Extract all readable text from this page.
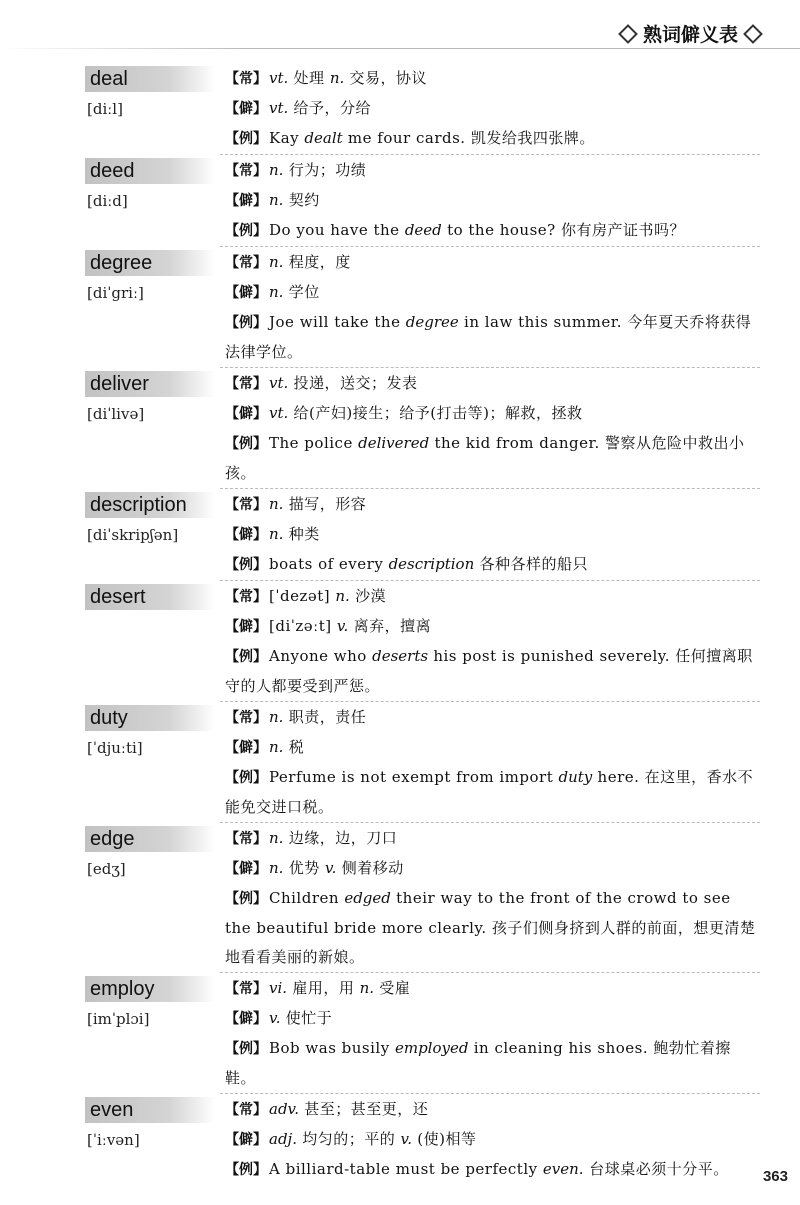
熟词僻义表
deal
[diːl]
【常】 vt. 处理 n. 交易，协议
【僻】 vt. 给予，分给
【例】 Kay dealt me four cards. 凯发给我四张牌。
deed
[diːd]
【常】 n. 行为；功绩
【僻】 n. 契约
【例】 Do you have the deed to the house? 你有房产证书吗？
degree
[diˈgriː]
【常】 n. 程度，度
【僻】 n. 学位
【例】 Joe will take the degree in law this summer. 今年夏天乔将获得法律学位。
deliver
[diˈlivə]
【常】 vt. 投递，送交；发表
【僻】 vt. 给(产妇)接生；给予(打击等)；解救，拯救
【例】 The police delivered the kid from danger. 警察从危险中救出小孩。
description
[diˈskripʃən]
【常】 n. 描写，形容
【僻】 n. 种类
【例】 boats of every description 各种各样的船只
desert	【常】 [ˈdezət] n. 沙漠
【僻】 [diˈzəːt] v. 离弃，擅离
【例】 Anyone who deserts his post is punished severely. 任何擅离职守的人都要受到严惩。
duty
[ˈdjuːti]
【常】 n. 职责，责任
【僻】 n. 税
【例】 Perfume is not exempt from import duty here. 在这里，香水不能免交进口税。
edge
[edʒ]
【常】 n. 边缘，边，刀口
【僻】 n. 优势 v. 侧着移动
【例】 Children edged their way to the front of the crowd to see the beautiful bride more clearly. 孩子们侧身挤到人群的前面，想更清楚地看看美丽的新娘。
employ
[imˈplɔi]
【常】 vi. 雇用，用 n. 受雇
【僻】 v. 使忙于
【例】 Bob was busily employed in cleaning his shoes. 鲍勃忙着擦鞋。
even
[ˈiːvən]
【常】 adv. 甚至；甚至更，还
【僻】 adj. 均匀的；平的 v. (使)相等
【例】 A billiard-table must be perfectly even. 台球桌必须十分平。	363
